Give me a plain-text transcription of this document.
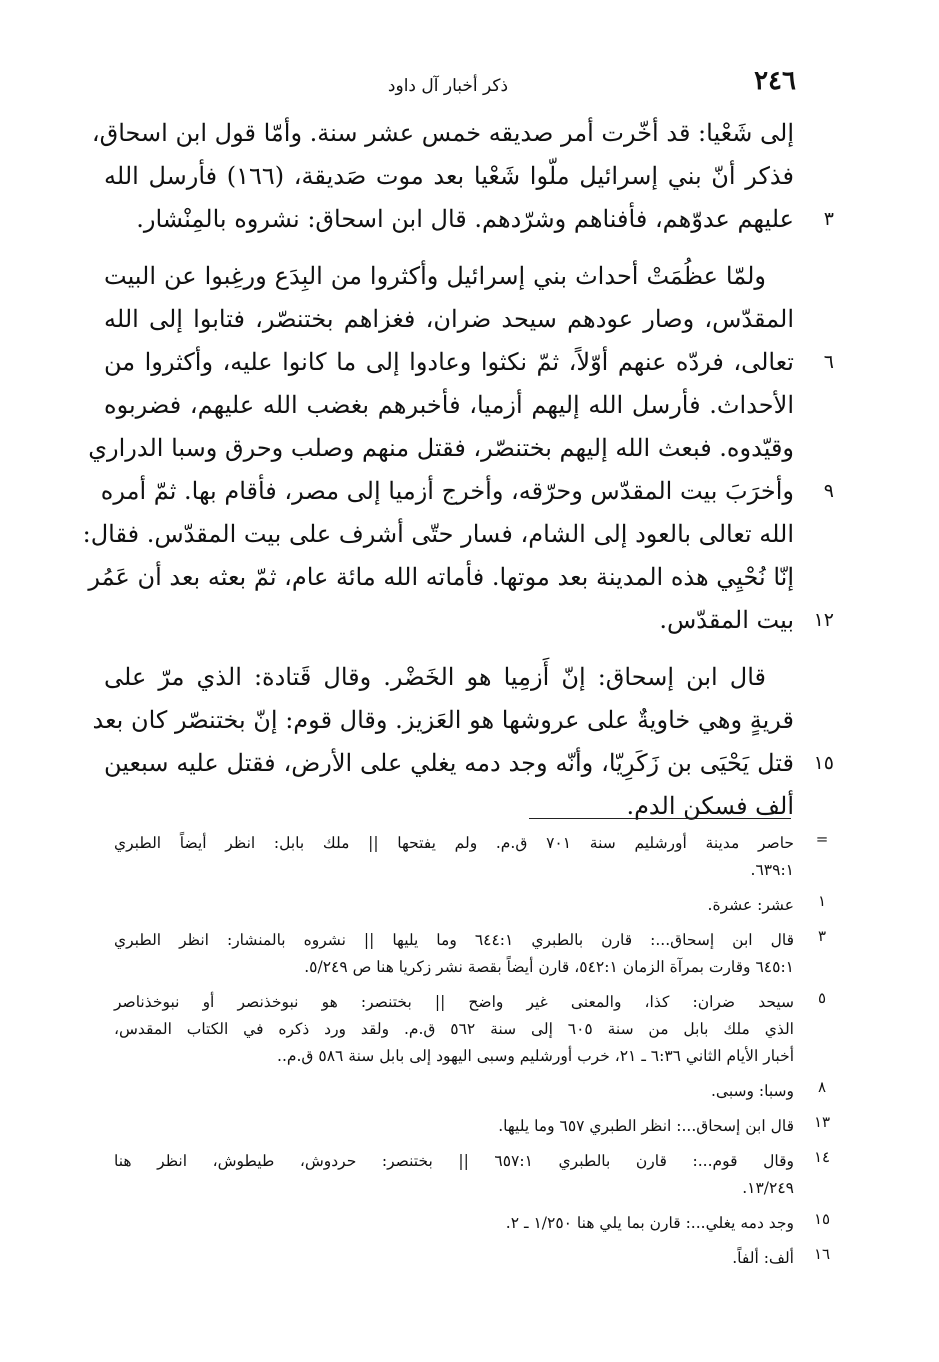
٢٤٦
ذكر أخبار آل داود
إلى شَعْيا: قد أخّرت أمر صديقه خمس عشر سنة. وأمّا قول ابن اسحاق،
فذكر أنّ بني إسرائيل ملّوا شَعْيا بعد موت صَديقة، (١٦٦) فأرسل الله
عليهم عدوّهم، فأفناهم وشرّدهم. قال ابن اسحاق: نشروه بالمِنْشار.	٣
ولمّا عظُمَتْ أحداث بني إسرائيل وأكثروا من البِدَع ورغِبوا عن البيت
المقدّس، وصار عودهم سيحد ضران، فغزاهم بختنصّر، فتابوا إلى الله
تعالى، فردّه عنهم أوّلاً، ثمّ نكثوا وعادوا إلى ما كانوا عليه، وأكثروا من	٦
الأحداث. فأرسل الله إليهم أزميا، فأخبرهم بغضب الله عليهم، فضربوه
وقيّدوه. فبعث الله إليهم بختنصّر، فقتل منهم وصلب وحرق وسبا الدراري
وأخرَبَ بيت المقدّس وحرّقه، وأخرج أزميا إلى مصر، فأقام بها. ثمّ أمره	٩
الله تعالى بالعود إلى الشام، فسار حتّى أشرف على بيت المقدّس. فقال:
إنّا نُحْيِي هذه المدينة بعد موتها. فأماته الله مائة عام، ثمّ بعثه بعد أن عَمُر
بيت المقدّس.	١٢
قال ابن إسحاق: إنّ أَزمِيا هو الخَضْر. وقال قَتادة: الذي مرّ على
قريةٍ وهي خاويةٌ على عروشها هو العَزيز. وقال قوم: إنّ بختنصّر كان بعد
قتل يَحْيَى بن زَكَرِيّا، وأنّه وجد دمه يغلي على الأرض، فقتل عليه سبعين	١٥
ألف فسكن الدم.
=
حاصر مدينة أورشليم سنة ٧٠١ ق.م. ولم يفتحها || ملك بابل: انظر أيضاً الطبري
٦٣٩:١.
١
عشر: عشرة.
٣
قال ابن إسحاق...: قارن بالطبري ٦٤٤:١ وما يليها || نشروه بالمنشار: انظر الطبري
٦٤٥:١ وقارت بمرآة الزمان ٥٤٢:١، قارن أيضاً بقصة نشر زكريا هنا ص ٥/٢٤٩.
٥
سيحد ضران: كذا، والمعنى غير واضح || بختنصر: هو نبوخذنصر أو نبوخذناصر
الذي ملك بابل من سنة ٦٠٥ إلى سنة ٥٦٢ ق.م. ولقد ورد ذكره في الكتاب المقدس،
أخبار الأيام الثاني ٦:٣٦ ـ ٢١، خرب أورشليم وسبى اليهود إلى بابل سنة ٥٨٦ ق.م..
٨
وسبا: وسبى.
١٣
قال ابن إسحاق...: انظر الطبري ٦٥٧ وما يليها.
١٤
وقال قوم...: قارن بالطبري ٦٥٧:١ || بختنصر: حردوش، طيطوش، انظر هنا
١٣/٢٤٩.
١٥
وجد دمه يغلي...: قارن بما يلي هنا ١/٢٥٠ ـ ٢.
١٦
ألف: ألفاً.
